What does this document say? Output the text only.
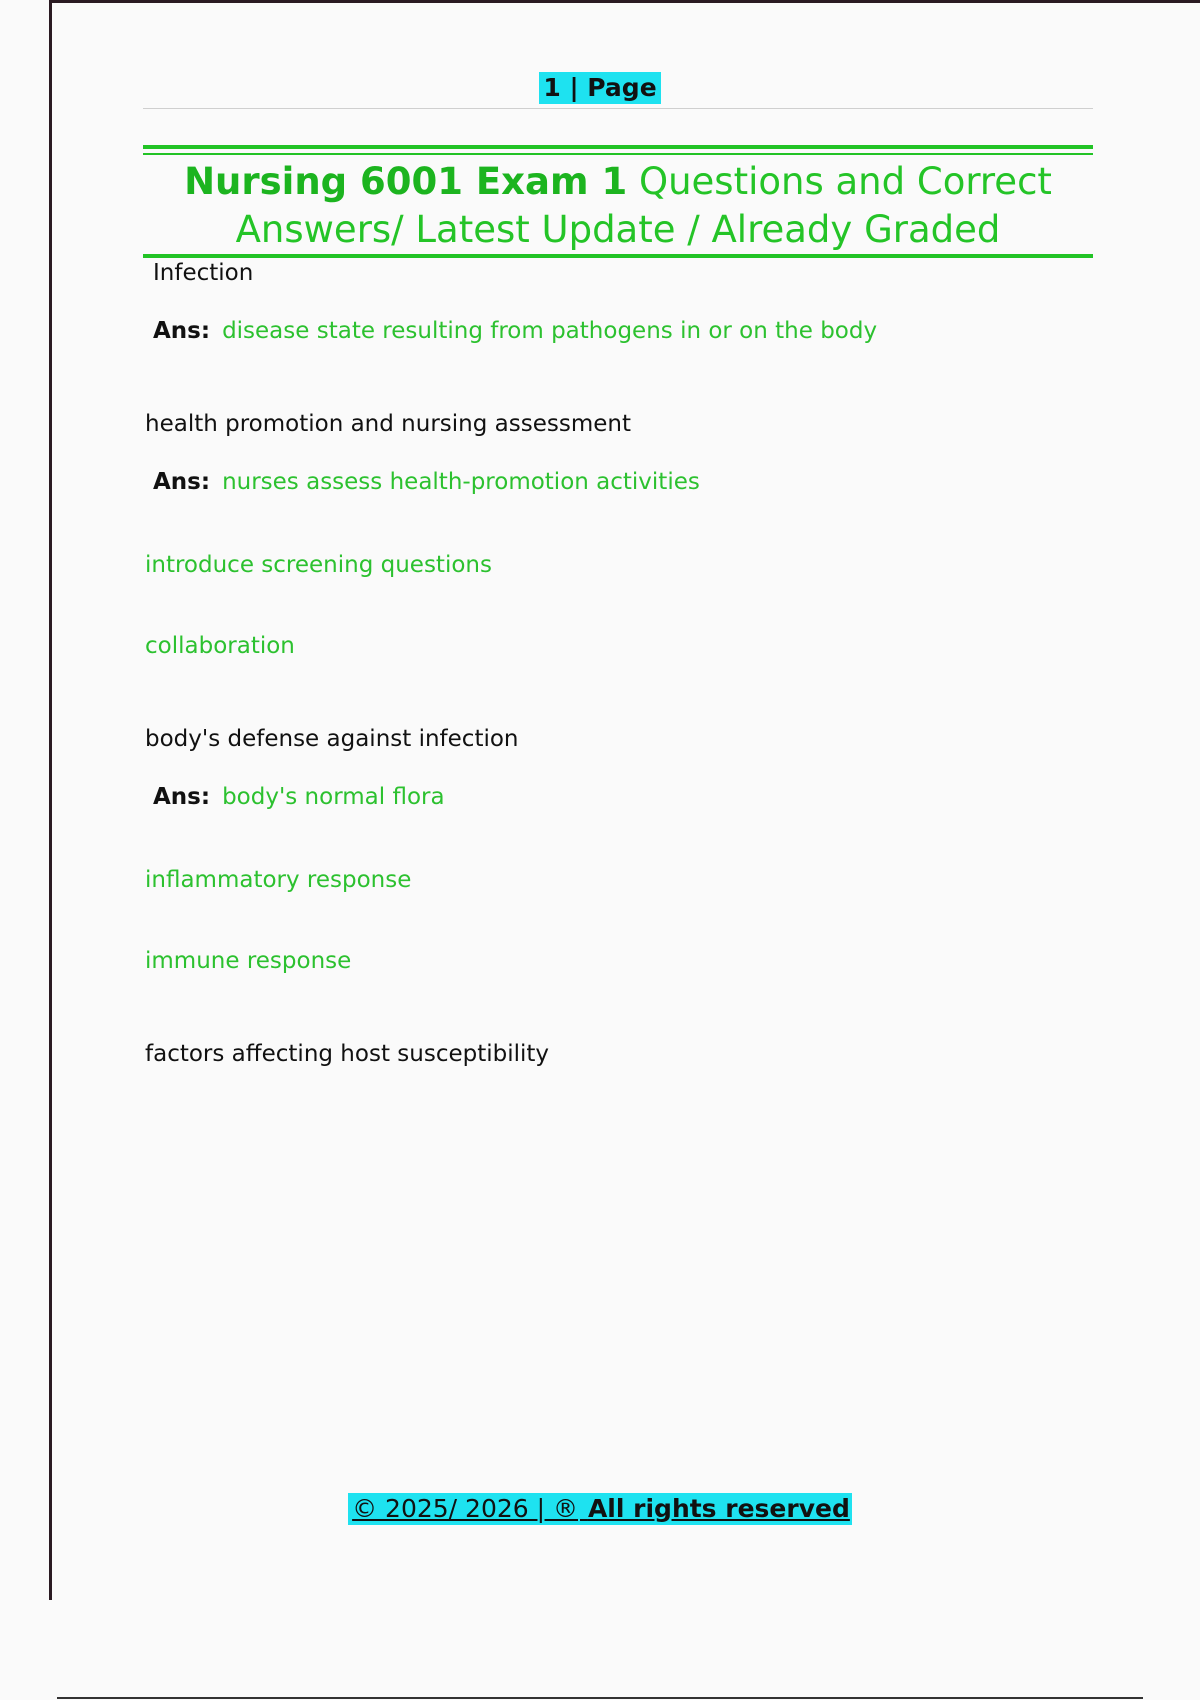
1 | Page
Nursing 6001 Exam 1 Questions and Correct Answers/ Latest Update / Already Graded
Infection
Ans: disease state resulting from pathogens in or on the body
health promotion and nursing assessment
Ans: nurses assess health-promotion activities
introduce screening questions
collaboration
body's defense against infection
Ans: body's normal flora
inflammatory response
immune response
factors affecting host susceptibility
© 2025/ 2026 | ® All rights reserved
